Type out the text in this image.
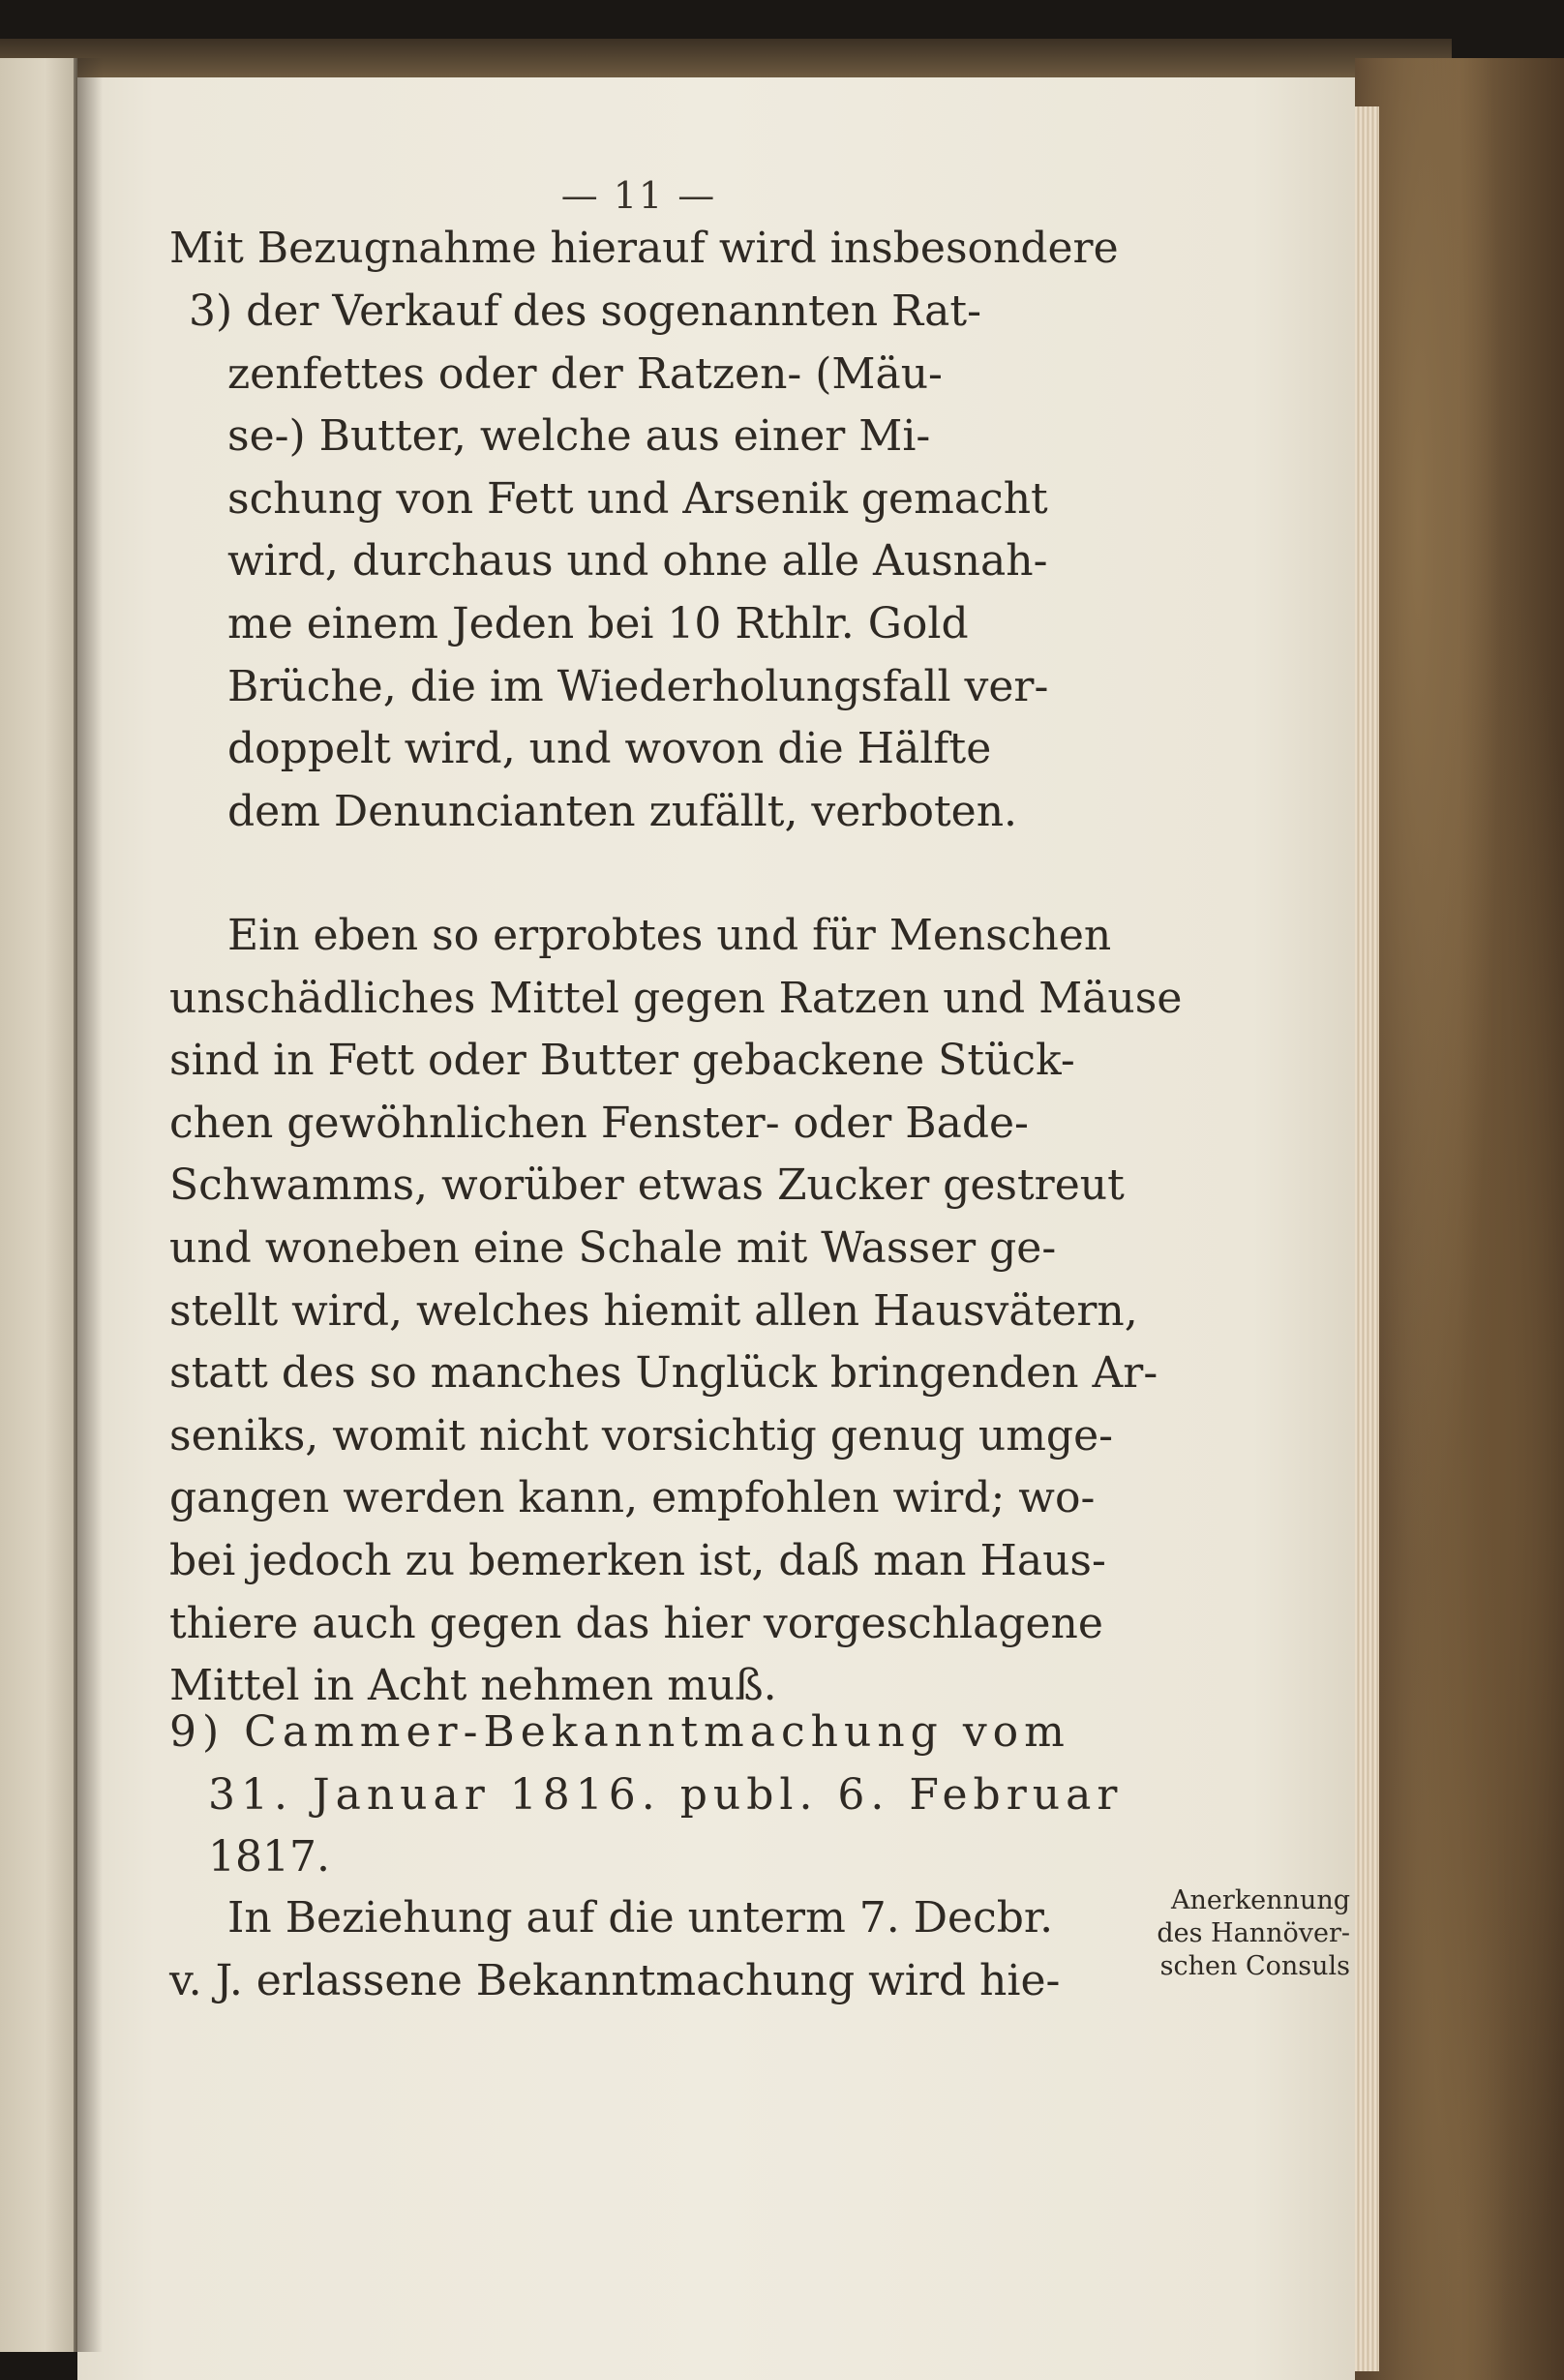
— 11 —
Mit Bezugnahme hierauf wird insbesondere
3) der Verkauf des sogenannten Rat-
zenfettes oder der Ratzen- (Mäu-
se-) Butter, welche aus einer Mi-
schung von Fett und Arsenik gemacht
wird, durchaus und ohne alle Ausnah-
me einem Jeden bei 10 Rthlr. Gold
Brüche, die im Wiederholungsfall ver-
doppelt wird, und wovon die Hälfte
dem Denuncianten zufällt, verboten.
Ein eben so erprobtes und für Menschen
unschädliches Mittel gegen Ratzen und Mäuse
sind in Fett oder Butter gebackene Stück-
chen gewöhnlichen Fenster- oder Bade-
Schwamms, worüber etwas Zucker gestreut
und woneben eine Schale mit Wasser ge-
stellt wird, welches hiemit allen Hausvätern,
statt des so manches Unglück bringenden Ar-
seniks, womit nicht vorsichtig genug umge-
gangen werden kann, empfohlen wird; wo-
bei jedoch zu bemerken ist, daß man Haus-
thiere auch gegen das hier vorgeschlagene
Mittel in Acht nehmen muß.
9) Cammer-Bekanntmachung vom
31. Januar 1816. publ. 6. Februar
1817.
In Beziehung auf die unterm 7. Decbr.
v. J. erlassene Bekanntmachung wird hie-
Anerkennung
des Hannöver-
schen Consuls
